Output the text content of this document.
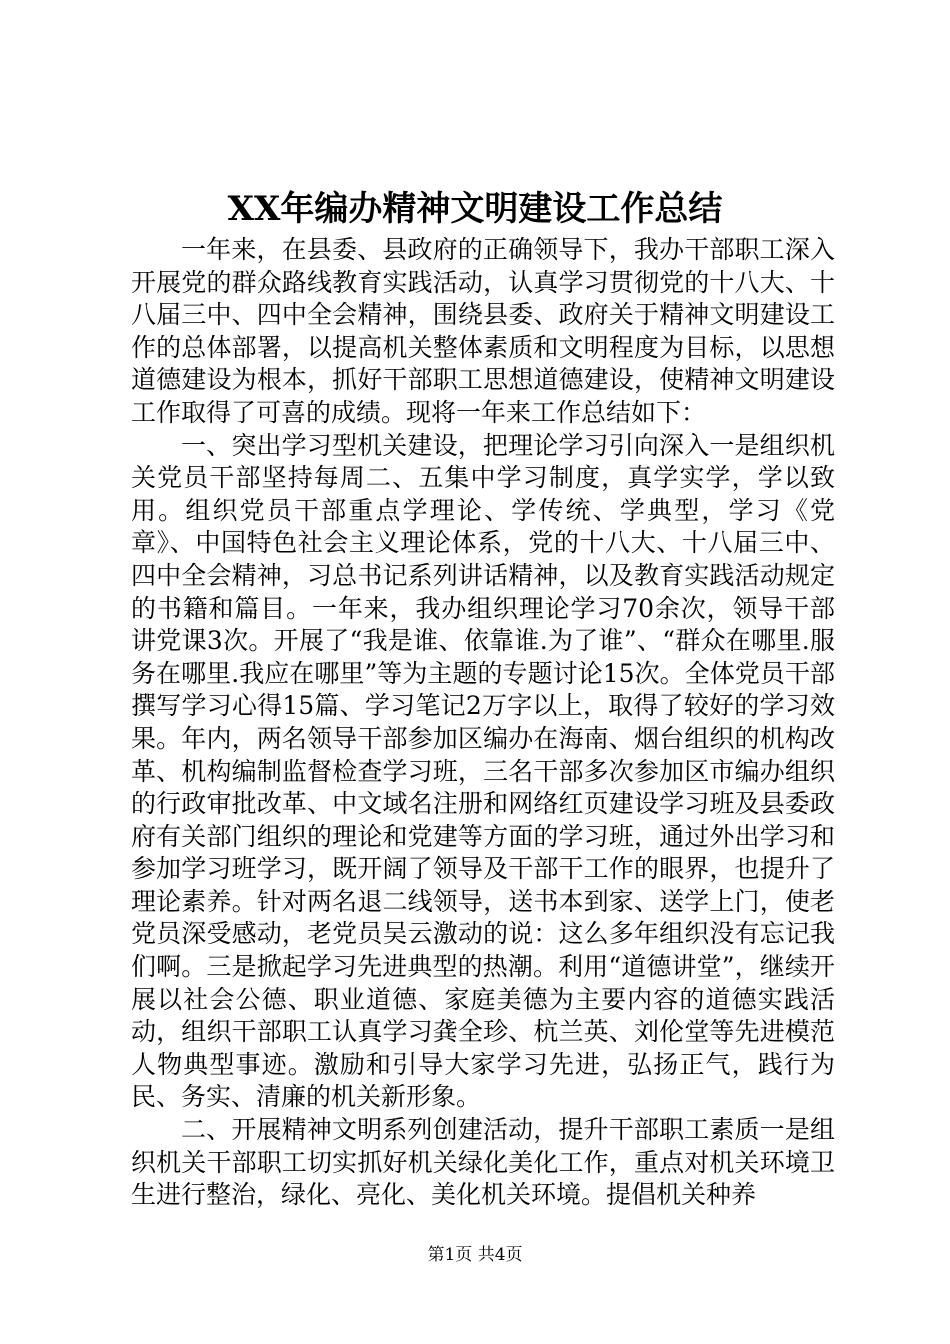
XX年编办精神文明建设工作总结

一年来，在县委、县政府的正确领导下，我办干部职工深入开展党的群众路线教育实践活动，认真学习贯彻党的十八大、十八届三中、四中全会精神，围绕县委、政府关于精神文明建设工作的总体部署，以提高机关整体素质和文明程度为目标，以思想道德建设为根本，抓好干部职工思想道德建设，使精神文明建设工作取得了可喜的成绩。现将一年来工作总结如下：

一、突出学习型机关建设，把理论学习引向深入一是组织机关党员干部坚持每周二、五集中学习制度，真学实学，学以致用。组织党员干部重点学理论、学传统、学典型，学习《党章》、中国特色社会主义理论体系，党的十八大、十八届三中、四中全会精神，习总书记系列讲话精神，以及教育实践活动规定的书籍和篇目。一年来，我办组织理论学习70余次，领导干部讲党课3次。开展了“我是谁、依靠谁.为了谁”、“群众在哪里.服务在哪里.我应在哪里”等为主题的专题讨论15次。全体党员干部撰写学习心得15篇、学习笔记2万字以上，取得了较好的学习效果。年内，两名领导干部参加区编办在海南、烟台组织的机构改革、机构编制监督检查学习班，三名干部多次参加区市编办组织的行政审批改革、中文域名注册和网络红页建设学习班及县委政府有关部门组织的理论和党建等方面的学习班，通过外出学习和参加学习班学习，既开阔了领导及干部干工作的眼界，也提升了理论素养。针对两名退二线领导，送书本到家、送学上门，使老党员深受感动，老党员吴云激动的说：这么多年组织没有忘记我们啊。三是掀起学习先进典型的热潮。利用“道德讲堂”，继续开展以社会公德、职业道德、家庭美德为主要内容的道德实践活动，组织干部职工认真学习龚全珍、杭兰英、刘伦堂等先进模范人物典型事迹。激励和引导大家学习先进，弘扬正气，践行为民、务实、清廉的机关新形象。

二、开展精神文明系列创建活动，提升干部职工素质一是组织机关干部职工切实抓好机关绿化美化工作，重点对机关环境卫生进行整治，绿化、亮化、美化机关环境。提倡机关种养

第1页 共4页
